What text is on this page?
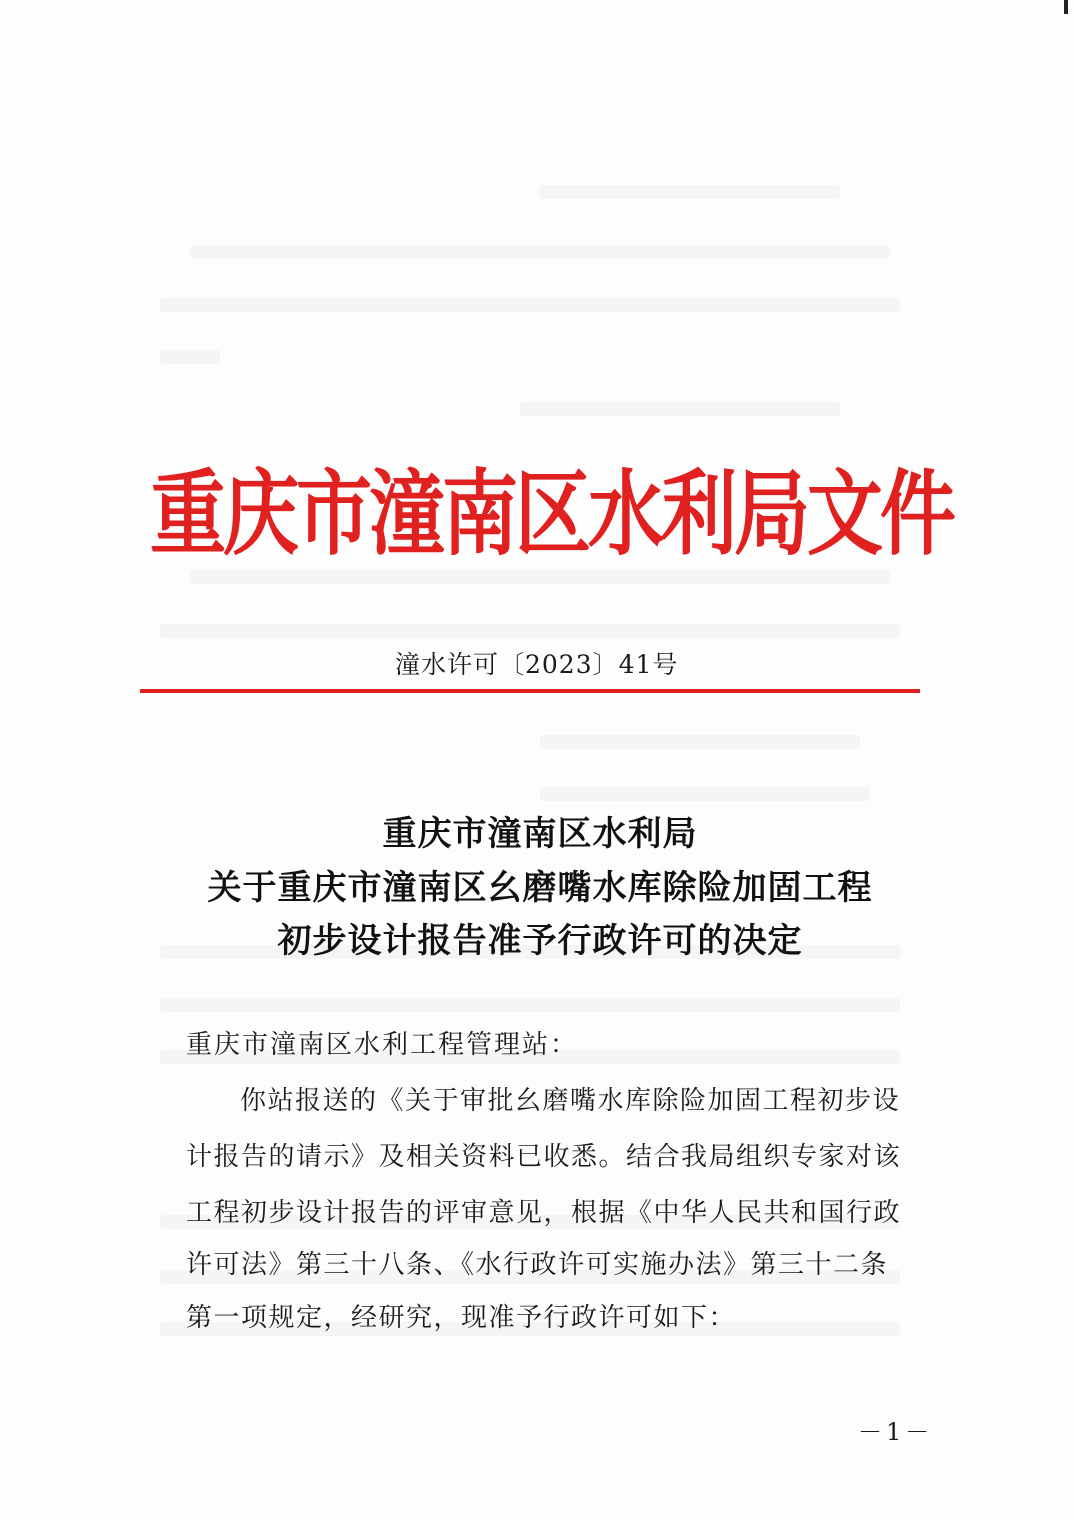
重庆市潼南区水利局文件
潼水许可〔2023〕41号
重庆市潼南区水利局
关于重庆市潼南区幺磨嘴水库除险加固工程
初步设计报告准予行政许可的决定
重庆市潼南区水利工程管理站：
你站报送的《关于审批幺磨嘴水库除险加固工程初步设
计报告的请示》及相关资料已收悉。结合我局组织专家对该
工程初步设计报告的评审意见，根据《中华人民共和国行政
许可法》第三十八条、《水行政许可实施办法》第三十二条
第一项规定，经研究，现准予行政许可如下：
－1－
